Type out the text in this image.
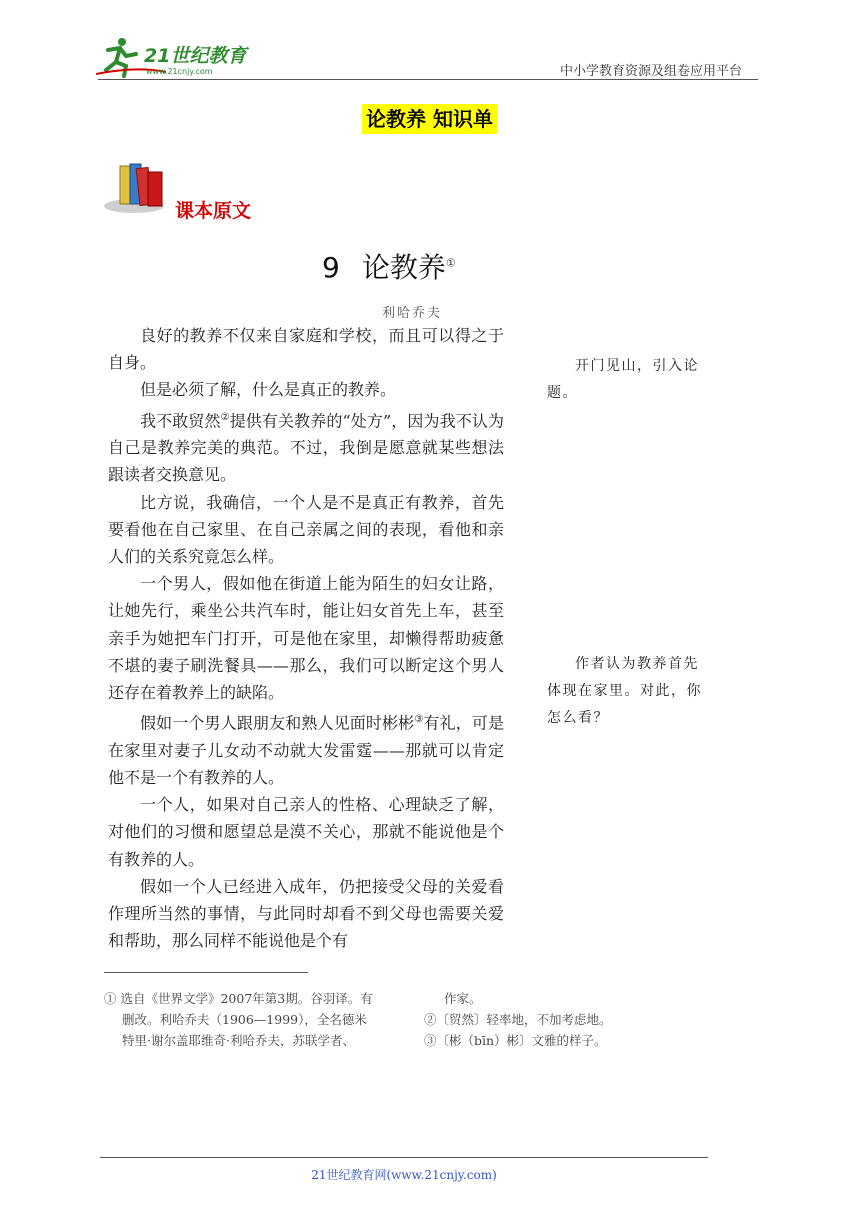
21世纪教育
www.21cnjy.com	中小学教育资源及组卷应用平台
论教养 知识单
课本原文
9 论教养①
利哈乔夫

良好的教养不仅来自家庭和学校，而且可以得之于自身。

但是必须了解，什么是真正的教养。

我不敢贸然②提供有关教养的“处方”，因为我不认为自己是教养完美的典范。不过，我倒是愿意就某些想法跟读者交换意见。

比方说，我确信，一个人是不是真正有教养，首先要看他在自己家里、在自己亲属之间的表现，看他和亲人们的关系究竟怎么样。

一个男人，假如他在街道上能为陌生的妇女让路，让她先行，乘坐公共汽车时，能让妇女首先上车，甚至亲手为她把车门打开，可是他在家里，却懒得帮助疲惫不堪的妻子刷洗餐具——那么，我们可以断定这个男人还存在着教养上的缺陷。

假如一个男人跟朋友和熟人见面时彬彬③有礼，可是在家里对妻子儿女动不动就大发雷霆——那就可以肯定他不是一个有教养的人。

一个人，如果对自己亲人的性格、心理缺乏了解，对他们的习惯和愿望总是漠不关心，那就不能说他是个有教养的人。

假如一个人已经进入成年，仍把接受父母的关爱看作理所当然的事情，与此同时却看不到父母也需要关爱和帮助，那么同样不能说他是个有

开门见山，引入论题。

作者认为教养首先体现在家里。对此，你怎么看？

① 选自《世界文学》2007年第3期。谷羽译。有
删改。利哈乔夫（1906—1999），全名德米
特里·谢尔盖耶维奇·利哈乔夫，苏联学者、
作家。
②〔贸然〕轻率地，不加考虑地。
③〔彬（bīn）彬〕文雅的样子。
21世纪教育网(www.21cnjy.com)
